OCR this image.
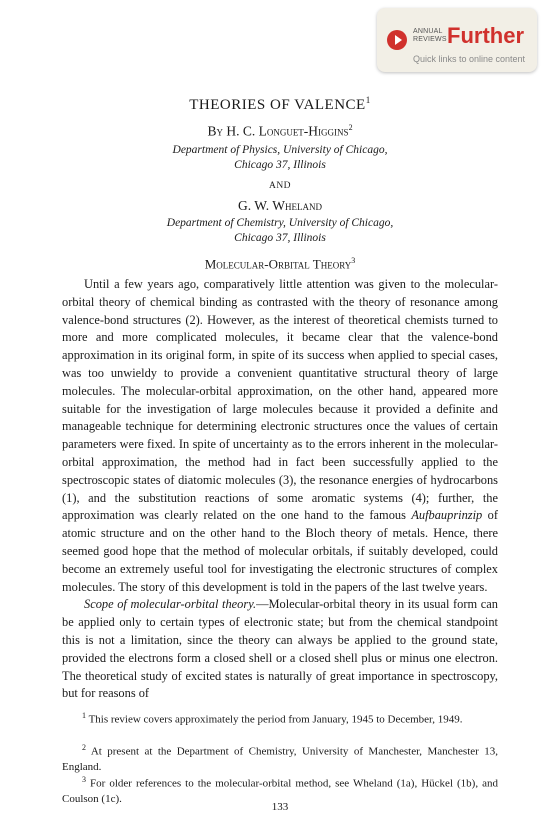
ANNUAL
REVIEWS Further
Quick links to online content

THEORIES OF VALENCE$^1$

By H. C. Longuet-Higgins$^2$

Department of Physics, University of Chicago,
Chicago 37, Illinois

AND

G. W. Wheland

Department of Chemistry, University of Chicago,
Chicago 37, Illinois

Molecular-Orbital Theory$^3$

Until a few years ago, comparatively little attention was given to the molecular-orbital theory of chemical binding as contrasted with the theory of resonance among valence-bond structures (2). However, as the interest of theoretical chemists turned to more and more complicated molecules, it became clear that the valence-bond approximation in its original form, in spite of its success when applied to special cases, was too unwieldy to provide a convenient quantitative structural theory of large molecules. The molecular-orbital approximation, on the other hand, appeared more suitable for the investigation of large molecules because it provided a definite and manageable technique for determining electronic structures once the values of certain parameters were fixed. In spite of uncertainty as to the errors inherent in the molecular-orbital approximation, the method had in fact been successfully applied to the spectroscopic states of diatomic molecules (3), the resonance energies of hydrocarbons (1), and the substitution reactions of some aromatic systems (4); further, the approximation was clearly related on the one hand to the famous Aufbauprinzip of atomic structure and on the other hand to the Bloch theory of metals. Hence, there seemed good hope that the method of molecular orbitals, if suitably developed, could become an extremely useful tool for investigating the electronic structures of complex molecules. The story of this development is told in the papers of the last twelve years.

Scope of molecular-orbital theory.—Molecular-orbital theory in its usual form can be applied only to certain types of electronic state; but from the chemical standpoint this is not a limitation, since the theory can always be applied to the ground state, provided the electrons form a closed shell or a closed shell plus or minus one electron. The theoretical study of excited states is naturally of great importance in spectroscopy, but for reasons of

$^1$ This review covers approximately the period from January, 1945 to December, 1949.

$^2$ At present at the Department of Chemistry, University of Manchester, Manchester 13, England.

$^3$ For older references to the molecular-orbital method, see Wheland (1a), Hückel (1b), and Coulson (1c).

133
